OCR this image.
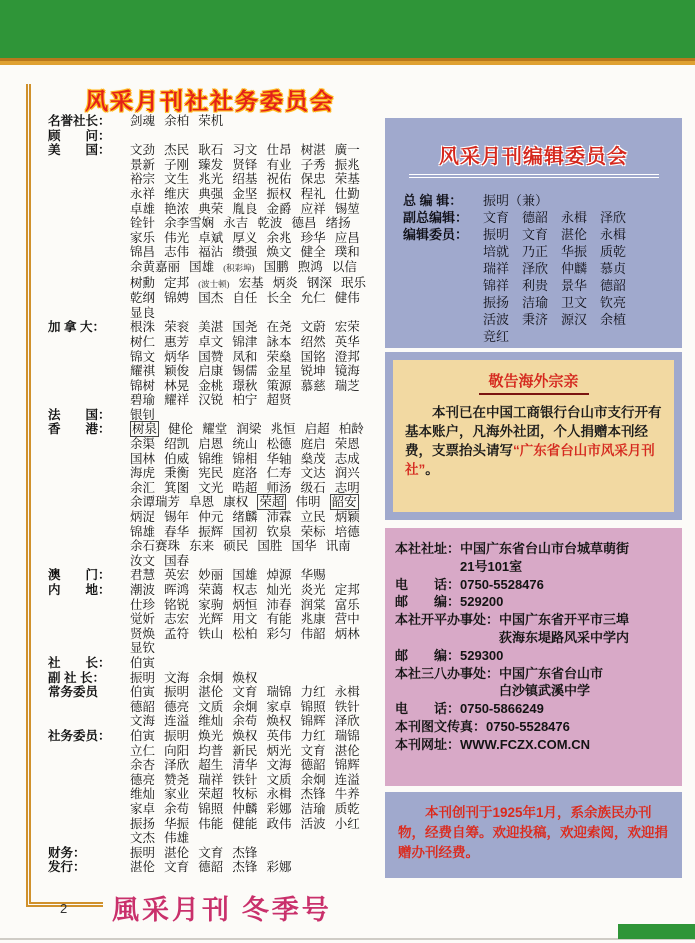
风采月刊社社务委员会
名誉社长：	剑魂 余柏 荣机
顾　　问：

美　　国：	文劲 杰民 耿石 习文 仕昂 树湛 廣一
景新 子刚 臻发 贤铎 有业 子秀 振兆
裕宗 文生 兆光 绍基 祝佑 保忠 荣基
永祥 维庆 典强 金坚 振权 程礼 仕勤
卓雄 艳浓 典荣 胤良 金爵 应祥 锡堃
铨针 余李雪娴 永吉 乾波 德昌 绪扬
家乐 伟光 卓斌 厚义 余兆 珍华 应昌
锦昌 志伟 福沾 缵强 焕文 健全 璞和
余黄嘉丽 国雄 (积彩埠) 国鹏 煦鸿 以信
树勳 定邦 (波士顿) 宏基 炳炎 钢深 珉乐
乾纲 锦娉 国杰 自任 长全 允仁 健伟
显良
加 拿 大：	根洙 荣衮 美湛 国尧 在尧 文蔚 宏荣
树仁 惠芳 卓文 锦津 詠本 绍然 英华
锦文 炳华 国赞 凤和 荣燊 国铭 澄邦
耀祺 颖俊 启康 锡儒 金星 锐坤 镜海
锦树 林晃 金桃 璟秋 策源 慕慈 瑞芝
碧瑜 耀祥 汉锐 柏宁 超贤
法　　国：	银钊
香　　港：	树泉 健伦 耀堂 润梁 兆恒 启超 柏龄
余渠 绍凯 启恩 统山 松德 庭启 荣恩
国林 伯威 锦维 锦相 华轴 燊茂 志成
海虎 秉衡 宪民 庭洛 仁寿 文达 润兴
余汇 箕图 文光 晧超 师汤 级石 志明
余谭瑞芳 阜恩 康权 荣超 伟明 韶安
炳浞 锡年 仲元 绪麟 沛霖 立民 炳颖
锦雄 春华 振辉 国初 钦泉 荣标 培德
余石赛珠 东来 硕民 国胜 国华 讯南
汝文 国春
澳　　门：	君慧 英宏 妙丽 国雄 焯源 华赐
内　　地：	潮波 晖鸿 荣蔼 权志 灿光 炎光 定邦
仕珍 铭锐 家驹 炳恒 沛春 润棠 富乐
觉妡 志宏 光辉 用文 有能 兆康 营中
贤焕 孟符 铁山 松柏 彩匀 伟韶 炳林
显钦
社　　长：	伯寅
副 社 长：	振明 文海 余炯 焕权
常务委员	伯寅 振明 湛伦 文育 瑞锦 力红 永楫
德韶 德亮 文质 余炯 家卓 锦照 铁针
文海 连溢 维灿 余苟 焕权 锦辉 泽欣
社务委员：	伯寅 振明 焕光 焕权 英伟 力红 瑞锦
立仁 向阳 均普 新民 炳光 文育 湛伦
余杏 泽欣 超生 清华 文海 德韶 锦辉
德亮 赞尧 瑞祥 铁针 文质 余炯 连溢
维灿 家业 荣超 牧标 永楫 杰锋 牛养
家卓 余苟 锦照 仲麟 彩娜 洁瑜 质乾
振扬 华振 伟能 健能 政伟 活波 小红
文杰 伟雄
财务：	振明 湛伦 文育 杰锋
发行：	湛伦 文育 德韶 杰锋 彩娜
风采月刊编辑委员会
总 编 辑：	振明（兼）
副总编辑：	文育　德韶　永楫　泽欣
编辑委员：	振明　文育　湛伦　永楫
培就　乃正　华振　质乾
瑞祥　泽欣　仲麟　慕贞
锦祥　利贵　景华　德韶
振扬　洁瑜　卫文　钦亮
活波　秉济　源汉　余植
竞红
敬告海外宗亲
本刊已在中国工商银行台山市支行开有基本账户，凡海外社团，个人捐赠本刊经费，支票抬头请写“广东省台山市风采月刊社”。
本社社址： 中国广东省台山市台城草萌街
21号101室
电　　话： 0750-5528476
邮　　编： 529200
本社开平办事处： 中国广东省开平市三埠
荻海东堤路风采中学内
邮　　编： 529300
本社三八办事处： 中国广东省台山市
白沙镇武溪中学
电　　话： 0750-5866249
本刊图文传真： 0750-5528476
本刊网址： WWW.FCZX.COM.CN
本刊创刊于1925年1月，系余族民办刊物，经费自筹。欢迎投稿，欢迎索阅，欢迎捐赠办刊经费。
2 風采月刊 冬季号
